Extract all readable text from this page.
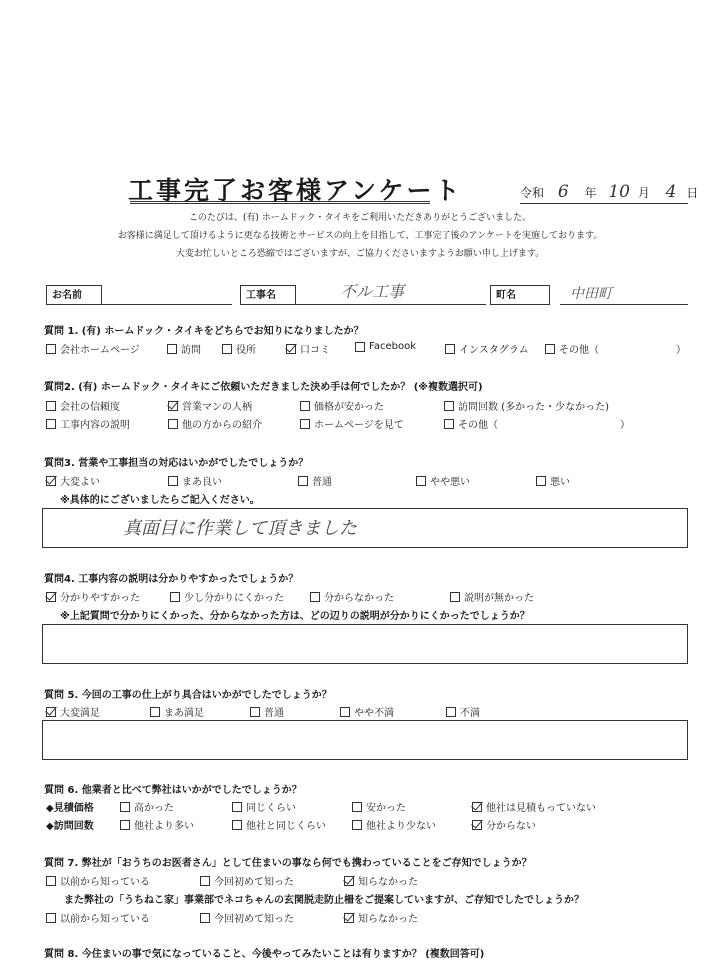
工事完了お客様アンケート	令和 6 年 10 月 4 日
このたびは、(有) ホームドック・タイキをご利用いただきありがとうございました。
お客様に満足して頂けるように更なる技術とサービスの向上を目指して、工事完了後のアンケートを実施しております。
大変お忙しいところ恐縮ではございますが、ご協力くださいますようお願い申し上げます。
お名前	工事名	不ル工事	町名	中田町
質問 1. (有) ホームドック・タイキをどちらでお知りになりましたか？
会社ホームページ	訪問	役所	口コミ	Facebook	インスタグラム	その他（	）
質問2. (有) ホームドック・タイキにご依頼いただきました決め手は何でしたか？ (※複数選択可)
会社の信頼度	営業マンの人柄	価格が安かった	訪問回数 (多かった・少なかった)
工事内容の説明	他の方からの紹介	ホームページを見て	その他（	）
質問3. 営業や工事担当の対応はいかがでしたでしょうか？
大変よい	まあ良い	普通	やや悪い	悪い
※具体的にございましたらご記入ください。
真面目に作業して頂きました
質問4. 工事内容の説明は分かりやすかったでしょうか？
分かりやすかった	少し分かりにくかった	分からなかった	説明が無かった
※上記質問で分かりにくかった、分からなかった方は、どの辺りの説明が分かりにくかったでしょうか？
質問 5. 今回の工事の仕上がり具合はいかがでしたでしょうか？
大変満足	まあ満足	普通	やや不満	不満
質問 6. 他業者と比べて弊社はいかがでしたでしょうか？
◆見積価格	高かった	同じくらい	安かった	他社は見積もっていない
◆訪問回数	他社より多い	他社と同じくらい	他社より少ない	分からない
質問 7. 弊社が「おうちのお医者さん」として住まいの事なら何でも携わっていることをご存知でしょうか？
以前から知っている	今回初めて知った	知らなかった
また弊社の「うちねこ家」事業部でネコちゃんの玄関脱走防止柵をご提案していますが、ご存知でしたでしょうか？
以前から知っている	今回初めて知った	知らなかった
質問 8. 今住まいの事で気になっていること、今後やってみたいことは有りますか？ (複数回答可)
